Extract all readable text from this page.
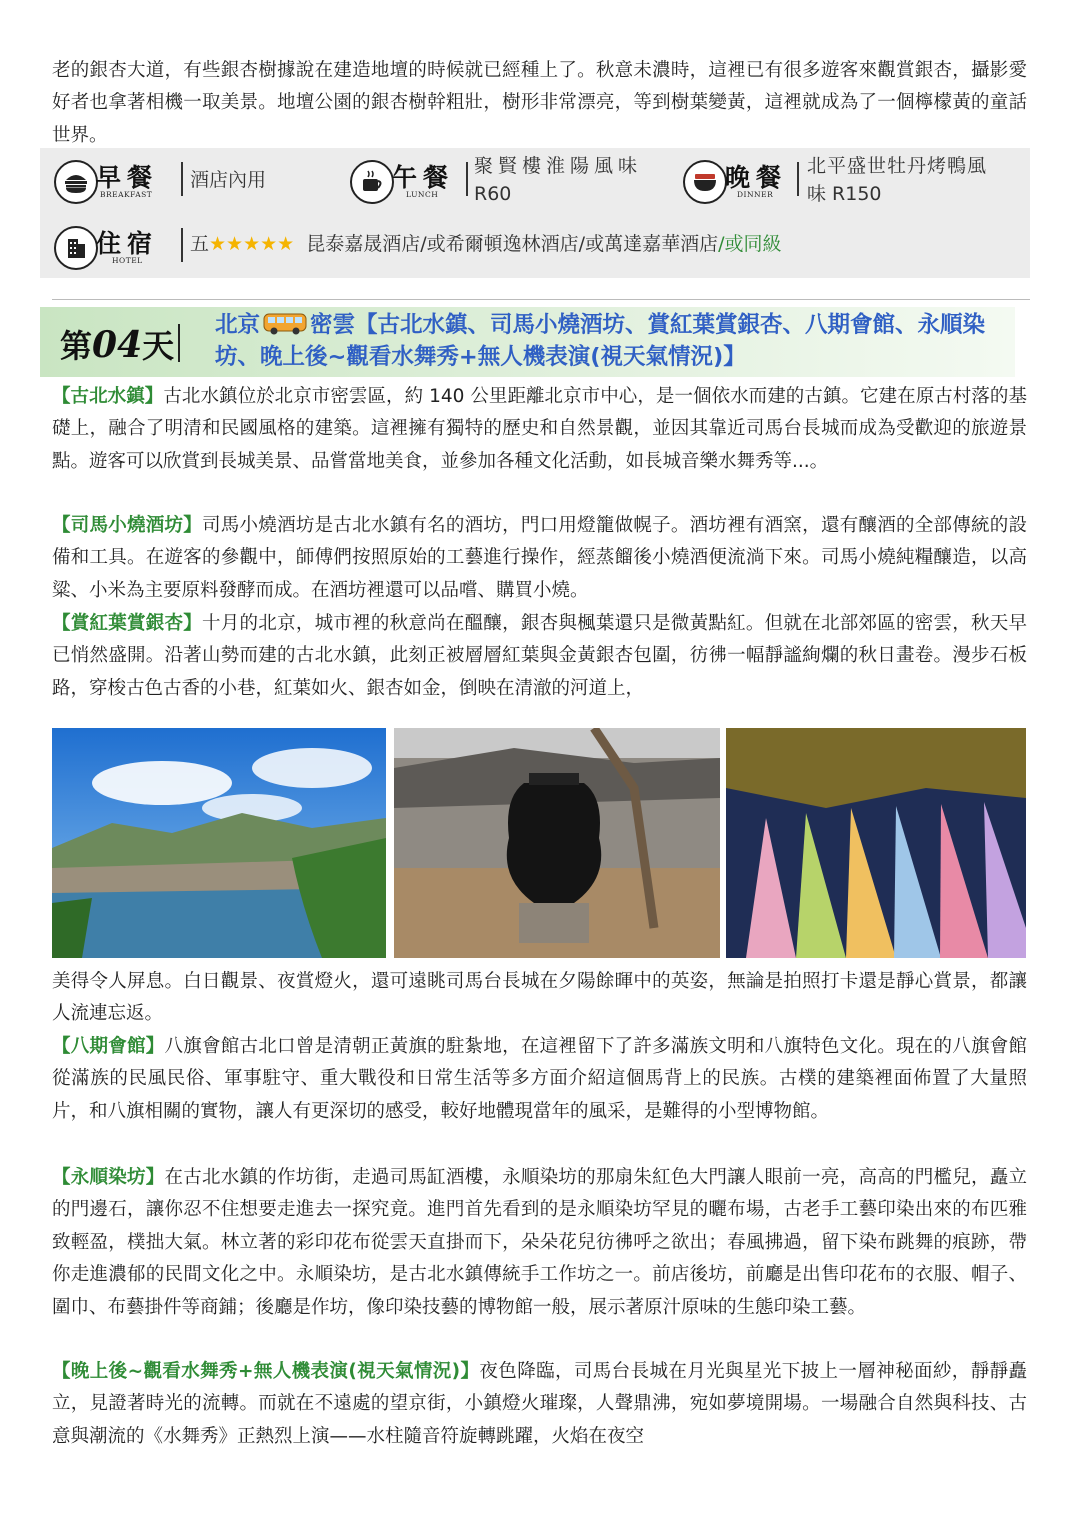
老的銀杏大道，有些銀杏樹據說在建造地壇的時候就已經種上了。秋意未濃時，這裡已有很多遊客來觀賞銀杏，攝影愛好者也拿著相機一取美景。地壇公園的銀杏樹幹粗壯，樹形非常漂亮，等到樹葉變黃，這裡就成為了一個檸檬黃的童話世界。

早餐
BREAKFAST
酒店內用	午餐
LUNCH
聚賢樓淮陽風味
R60
晚餐
DINNER
北平盛世牡丹烤鴨風
味 R150
住宿
HOTEL
五★★★★★ 昆泰嘉晟酒店/或希爾頓逸林酒店/或萬達嘉華酒店/或同級
第04天
北京 密雲【古北水鎮、司馬小燒酒坊、賞紅葉賞銀杏、八期會館、永順染坊、晚上後~觀看水舞秀+無人機表演(視天氣情況)】

【古北水鎮】古北水鎮位於北京市密雲區，約 140 公里距離北京市中心，是一個依水而建的古鎮。它建在原古村落的基礎上，融合了明清和民國風格的建築。這裡擁有獨特的歷史和自然景觀，並因其靠近司馬台長城而成為受歡迎的旅遊景點。遊客可以欣賞到長城美景、品嘗當地美食，並參加各種文化活動，如長城音樂水舞秀等...。

【司馬小燒酒坊】司馬小燒酒坊是古北水鎮有名的酒坊，門口用燈籠做幌子。酒坊裡有酒窯，還有釀酒的全部傳統的設備和工具。在遊客的參觀中，師傅們按照原始的工藝進行操作，經蒸餾後小燒酒便流淌下來。司馬小燒純糧釀造，以高粱、小米為主要原料發酵而成。在酒坊裡還可以品嚐、購買小燒。

【賞紅葉賞銀杏】十月的北京，城市裡的秋意尚在醞釀，銀杏與楓葉還只是微黃點紅。但就在北部郊區的密雲，秋天早已悄然盛開。沿著山勢而建的古北水鎮，此刻正被層層紅葉與金黃銀杏包圍，彷彿一幅靜謐絢爛的秋日畫卷。漫步石板路，穿梭古色古香的小巷，紅葉如火、銀杏如金，倒映在清澈的河道上，

美得令人屏息。白日觀景、夜賞燈火，還可遠眺司馬台長城在夕陽餘暉中的英姿，無論是拍照打卡還是靜心賞景，都讓人流連忘返。

【八期會館】八旗會館古北口曾是清朝正黃旗的駐紮地，在這裡留下了許多滿族文明和八旗特色文化。現在的八旗會館從滿族的民風民俗、軍事駐守、重大戰役和日常生活等多方面介紹這個馬背上的民族。古樸的建築裡面佈置了大量照片，和八旗相關的實物，讓人有更深切的感受，較好地體現當年的風采，是難得的小型博物館。

【永順染坊】在古北水鎮的作坊街，走過司馬缸酒樓，永順染坊的那扇朱紅色大門讓人眼前一亮，高高的門檻兒，矗立的門邊石，讓你忍不住想要走進去一探究竟。進門首先看到的是永順染坊罕見的曬布場，古老手工藝印染出來的布匹雅致輕盈，樸拙大氣。林立著的彩印花布從雲天直掛而下，朵朵花兒彷彿呼之欲出；春風拂過，留下染布跳舞的痕跡，帶你走進濃郁的民間文化之中。永順染坊，是古北水鎮傳統手工作坊之一。前店後坊，前廳是出售印花布的衣服、帽子、圍巾、布藝掛件等商鋪；後廳是作坊，像印染技藝的博物館一般，展示著原汁原味的生態印染工藝。

【晚上後~觀看水舞秀+無人機表演(視天氣情況)】夜色降臨，司馬台長城在月光與星光下披上一層神秘面紗，靜靜矗立，見證著時光的流轉。而就在不遠處的望京街，小鎮燈火璀璨，人聲鼎沸，宛如夢境開場。一場融合自然與科技、古意與潮流的《水舞秀》正熱烈上演——水柱隨音符旋轉跳躍，火焰在夜空
